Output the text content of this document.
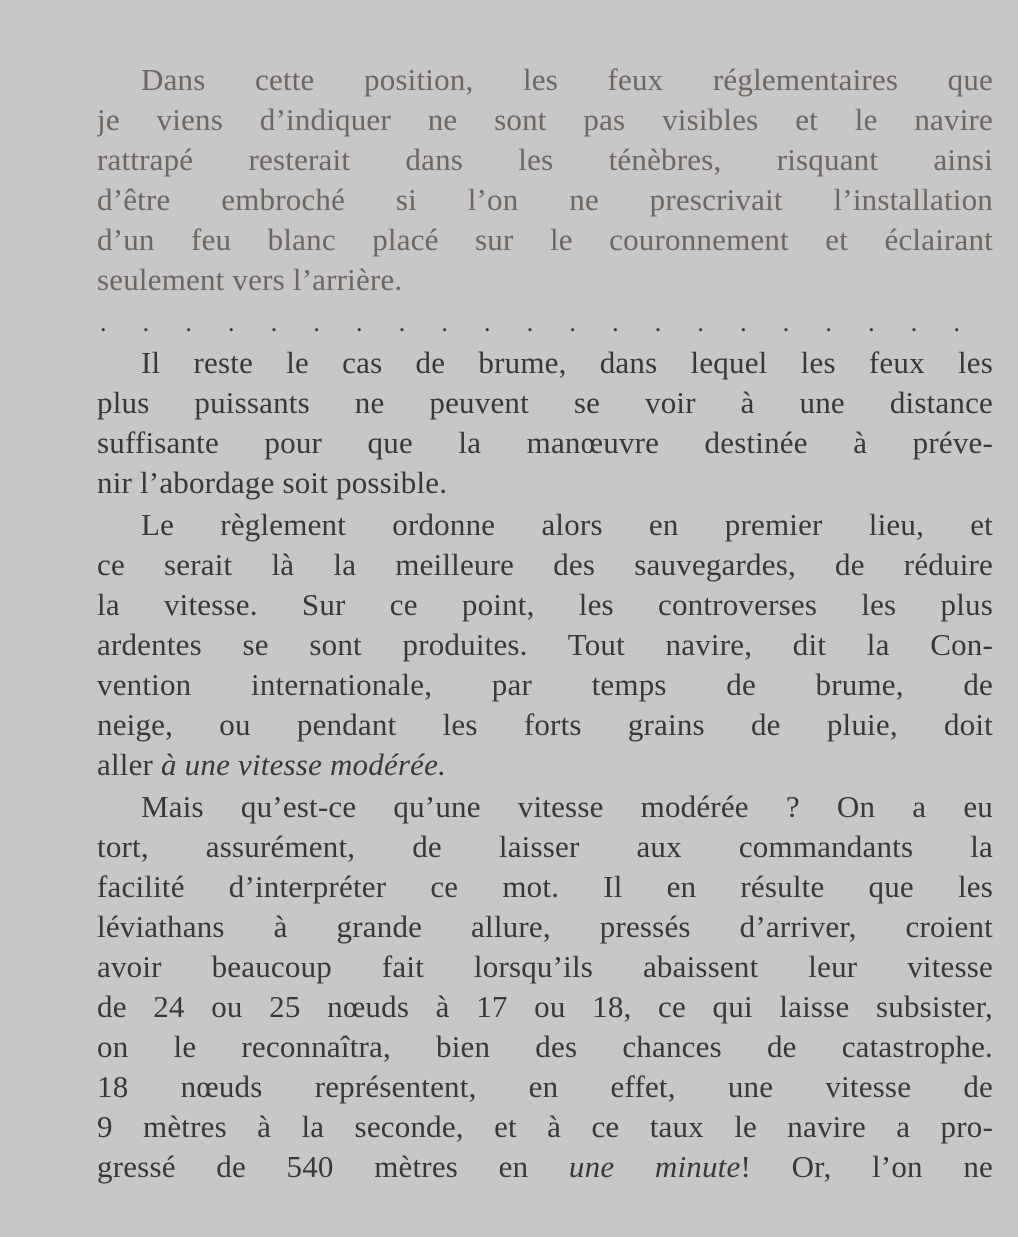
Dans cette position, les feux réglementaires que
je viens d’indiquer ne sont pas visibles et le navire
rattrapé resterait dans les ténèbres, risquant ainsi
d’être embroché si l’on ne prescrivait l’installation
d’un feu blanc placé sur le couronnement et éclairant
seulement vers l’arrière.
. . . . . . . . . . . . . . . . . . . . .
Il reste le cas de brume, dans lequel les feux les
plus puissants ne peuvent se voir à une distance
suffisante pour que la manœuvre destinée à préve-
nir l’abordage soit possible.
Le règlement ordonne alors en premier lieu, et
ce serait là la meilleure des sauvegardes, de réduire
la vitesse. Sur ce point, les controverses les plus
ardentes se sont produites. Tout navire, dit la Con-
vention internationale, par temps de brume, de
neige, ou pendant les forts grains de pluie, doit
aller à une vitesse modérée.
Mais qu’est-ce qu’une vitesse modérée ? On a eu
tort, assurément, de laisser aux commandants la
facilité d’interpréter ce mot. Il en résulte que les
léviathans à grande allure, pressés d’arriver, croient
avoir beaucoup fait lorsqu’ils abaissent leur vitesse
de 24 ou 25 nœuds à 17 ou 18, ce qui laisse subsister,
on le reconnaîtra, bien des chances de catastrophe.
18 nœuds représentent, en effet, une vitesse de
9 mètres à la seconde, et à ce taux le navire a pro-
gressé de 540 mètres en une minute! Or, l’on ne
